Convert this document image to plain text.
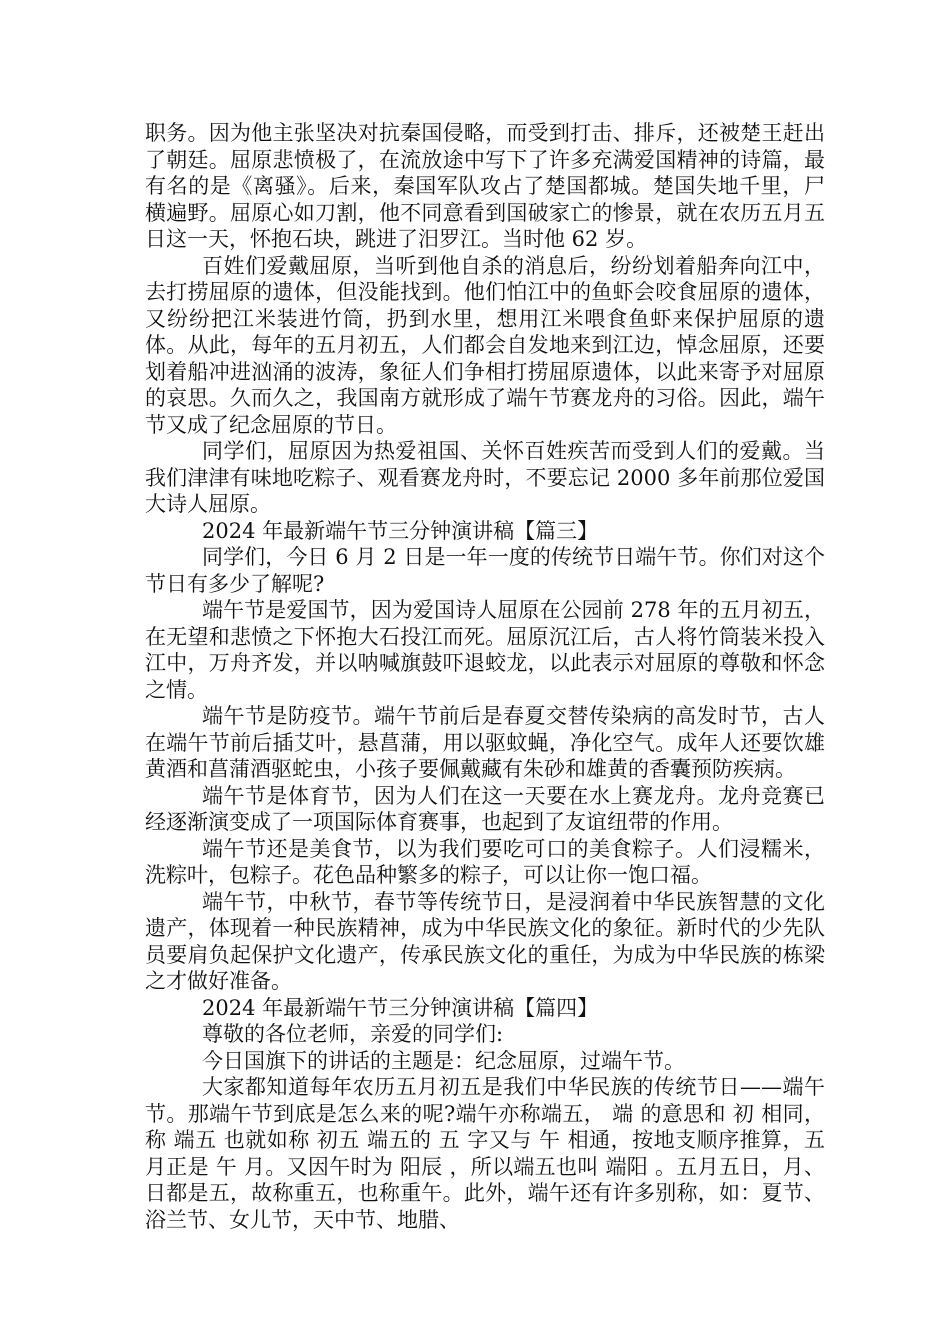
职务。因为他主张坚决对抗秦国侵略，而受到打击、排斥，还被楚王赶出了朝廷。屈原悲愤极了，在流放途中写下了许多充满爱国精神的诗篇，最有名的是《离骚》。后来，秦国军队攻占了楚国都城。楚国失地千里，尸横遍野。屈原心如刀割，他不同意看到国破家亡的惨景，就在农历五月五日这一天，怀抱石块，跳进了汨罗江。当时他 62 岁。

百姓们爱戴屈原，当听到他自杀的消息后，纷纷划着船奔向江中，去打捞屈原的遗体，但没能找到。他们怕江中的鱼虾会咬食屈原的遗体，又纷纷把江米装进竹筒，扔到水里，想用江米喂食鱼虾来保护屈原的遗体。从此，每年的五月初五，人们都会自发地来到江边，悼念屈原，还要划着船冲进汹涌的波涛，象征人们争相打捞屈原遗体，以此来寄予对屈原的哀思。久而久之，我国南方就形成了端午节赛龙舟的习俗。因此，端午节又成了纪念屈原的节日。

同学们，屈原因为热爱祖国、关怀百姓疾苦而受到人们的爱戴。当我们津津有味地吃粽子、观看赛龙舟时，不要忘记 2000 多年前那位爱国大诗人屈原。

2024 年最新端午节三分钟演讲稿【篇三】

同学们，今日 6 月 2 日是一年一度的传统节日端午节。你们对这个节日有多少了解呢?

端午节是爱国节，因为爱国诗人屈原在公园前 278 年的五月初五，在无望和悲愤之下怀抱大石投江而死。屈原沉江后，古人将竹筒装米投入江中，万舟齐发，并以呐喊旗鼓吓退蛟龙，以此表示对屈原的尊敬和怀念之情。

端午节是防疫节。端午节前后是春夏交替传染病的高发时节，古人在端午节前后插艾叶，悬菖蒲，用以驱蚊蝇，净化空气。成年人还要饮雄黄酒和菖蒲酒驱蛇虫，小孩子要佩戴藏有朱砂和雄黄的香囊预防疾病。

端午节是体育节，因为人们在这一天要在水上赛龙舟。龙舟竞赛已经逐渐演变成了一项国际体育赛事，也起到了友谊纽带的作用。

端午节还是美食节，以为我们要吃可口的美食粽子。人们浸糯米，洗粽叶，包粽子。花色品种繁多的粽子，可以让你一饱口福。

端午节，中秋节，春节等传统节日，是浸润着中华民族智慧的文化遗产，体现着一种民族精神，成为中华民族文化的象征。新时代的少先队员要肩负起保护文化遗产，传承民族文化的重任，为成为中华民族的栋梁之才做好准备。

2024 年最新端午节三分钟演讲稿【篇四】

尊敬的各位老师，亲爱的同学们:

今日国旗下的讲话的主题是：纪念屈原，过端午节。

大家都知道每年农历五月初五是我们中华民族的传统节日——端午节。那端午节到底是怎么来的呢?端午亦称端五， 端 的意思和 初 相同，称 端五 也就如称 初五 端五的 五 字又与 午 相通，按地支顺序推算，五月正是 午 月。又因午时为 阳辰 ，所以端五也叫 端阳 。五月五日，月、日都是五，故称重五，也称重午。此外，端午还有许多别称，如：夏节、浴兰节、女儿节，天中节、地腊、
